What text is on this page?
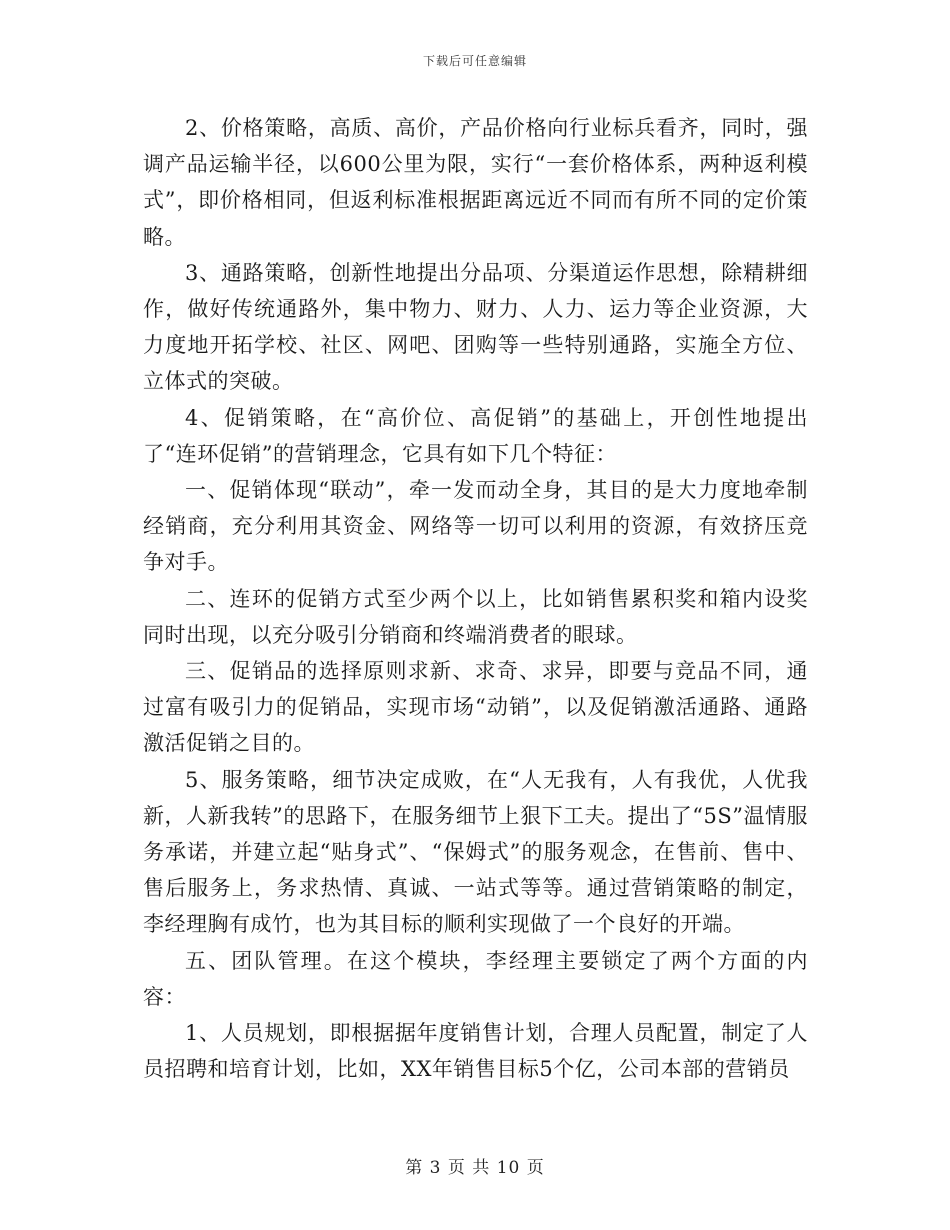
下载后可任意编辑

2、价格策略，高质、高价，产品价格向行业标兵看齐，同时，强调产品运输半径，以600公里为限，实行“一套价格体系，两种返利模式”，即价格相同，但返利标准根据距离远近不同而有所不同的定价策略。

3、通路策略，创新性地提出分品项、分渠道运作思想，除精耕细作，做好传统通路外，集中物力、财力、人力、运力等企业资源，大力度地开拓学校、社区、网吧、团购等一些特别通路，实施全方位、立体式的突破。

4、促销策略，在“高价位、高促销”的基础上，开创性地提出了“连环促销”的营销理念，它具有如下几个特征：

一、促销体现“联动”，牵一发而动全身，其目的是大力度地牵制经销商，充分利用其资金、网络等一切可以利用的资源，有效挤压竞争对手。

二、连环的促销方式至少两个以上，比如销售累积奖和箱内设奖同时出现，以充分吸引分销商和终端消费者的眼球。

三、促销品的选择原则求新、求奇、求异，即要与竞品不同，通过富有吸引力的促销品，实现市场“动销”，以及促销激活通路、通路激活促销之目的。

5、服务策略，细节决定成败，在“人无我有，人有我优，人优我新，人新我转”的思路下，在服务细节上狠下工夫。提出了“5S”温情服务承诺，并建立起“贴身式”、“保姆式”的服务观念，在售前、售中、售后服务上，务求热情、真诚、一站式等等。通过营销策略的制定，李经理胸有成竹，也为其目标的顺利实现做了一个良好的开端。

五、团队管理。在这个模块，李经理主要锁定了两个方面的内容：

1、人员规划，即根据据年度销售计划，合理人员配置，制定了人员招聘和培育计划，比如，XX年销售目标5个亿，公司本部的营销员

第 3 页 共 10 页
